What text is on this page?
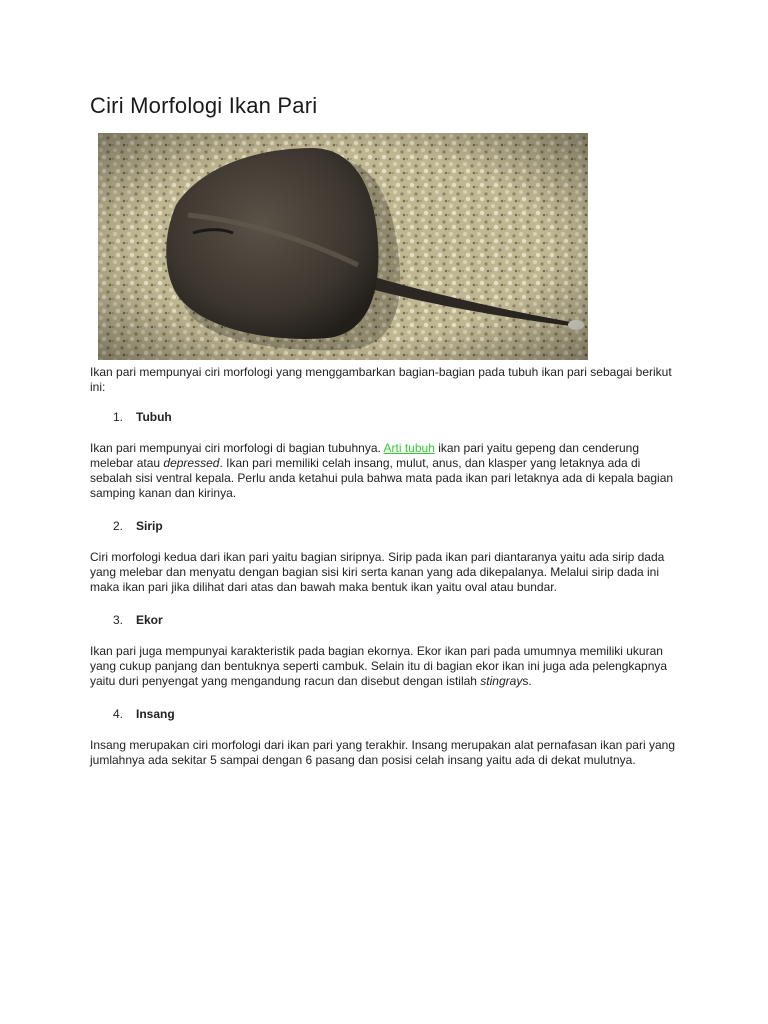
Ciri Morfologi Ikan Pari

Ikan pari mempunyai ciri morfologi yang menggambarkan bagian-bagian pada tubuh ikan pari sebagai berikut ini:

1.	Tubuh

Ikan pari mempunyai ciri morfologi di bagian tubuhnya. Arti tubuh ikan pari yaitu gepeng dan cenderung melebar atau depressed. Ikan pari memiliki celah insang, mulut, anus, dan klasper yang letaknya ada di sebalah sisi ventral kepala. Perlu anda ketahui pula bahwa mata pada ikan pari letaknya ada di kepala bagian samping kanan dan kirinya.

2.	Sirip

Ciri morfologi kedua dari ikan pari yaitu bagian siripnya. Sirip pada ikan pari diantaranya yaitu ada sirip dada yang melebar dan menyatu dengan bagian sisi kiri serta kanan yang ada dikepalanya. Melalui sirip dada ini maka ikan pari jika dilihat dari atas dan bawah maka bentuk ikan yaitu oval atau bundar.

3.	Ekor

Ikan pari juga mempunyai karakteristik pada bagian ekornya. Ekor ikan pari pada umumnya memiliki ukuran yang cukup panjang dan bentuknya seperti cambuk. Selain itu di bagian ekor ikan ini juga ada pelengkapnya yaitu duri penyengat yang mengandung racun dan disebut dengan istilah stingrays.

4.	Insang

Insang merupakan ciri morfologi dari ikan pari yang terakhir. Insang merupakan alat pernafasan ikan pari yang jumlahnya ada sekitar 5 sampai dengan 6 pasang dan posisi celah insang yaitu ada di dekat mulutnya.
